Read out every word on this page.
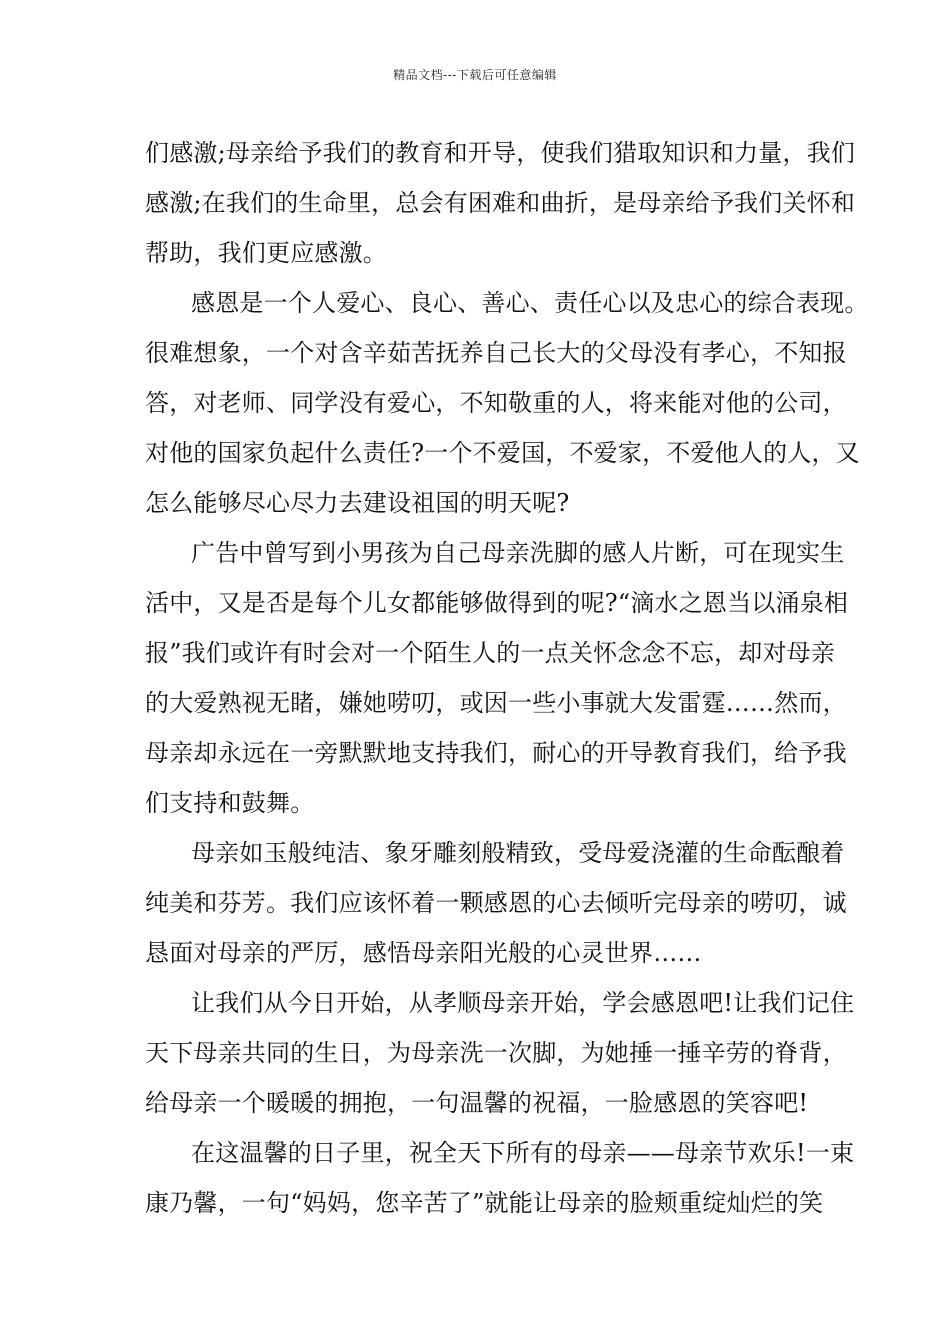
精品文档---下载后可任意编辑
们感激;母亲给予我们的教育和开导，使我们猎取知识和力量，我们
感激;在我们的生命里，总会有困难和曲折，是母亲给予我们关怀和
帮助，我们更应感激。
感恩是一个人爱心、良心、善心、责任心以及忠心的综合表现。
很难想象，一个对含辛茹苦抚养自己长大的父母没有孝心，不知报
答，对老师、同学没有爱心，不知敬重的人，将来能对他的公司，
对他的国家负起什么责任?一个不爱国，不爱家，不爱他人的人，又
怎么能够尽心尽力去建设祖国的明天呢?
广告中曾写到小男孩为自己母亲洗脚的感人片断，可在现实生
活中，又是否是每个儿女都能够做得到的呢?“滴水之恩当以涌泉相
报”我们或许有时会对一个陌生人的一点关怀念念不忘，却对母亲
的大爱熟视无睹，嫌她唠叨，或因一些小事就大发雷霆……然而，
母亲却永远在一旁默默地支持我们，耐心的开导教育我们，给予我
们支持和鼓舞。
母亲如玉般纯洁、象牙雕刻般精致，受母爱浇灌的生命酝酿着
纯美和芬芳。我们应该怀着一颗感恩的心去倾听完母亲的唠叨，诚
恳面对母亲的严厉，感悟母亲阳光般的心灵世界……
让我们从今日开始，从孝顺母亲开始，学会感恩吧!让我们记住
天下母亲共同的生日，为母亲洗一次脚，为她捶一捶辛劳的脊背，
给母亲一个暖暖的拥抱，一句温馨的祝福，一脸感恩的笑容吧!
在这温馨的日子里，祝全天下所有的母亲——母亲节欢乐!一束
康乃馨，一句“妈妈，您辛苦了”就能让母亲的脸颊重绽灿烂的笑
